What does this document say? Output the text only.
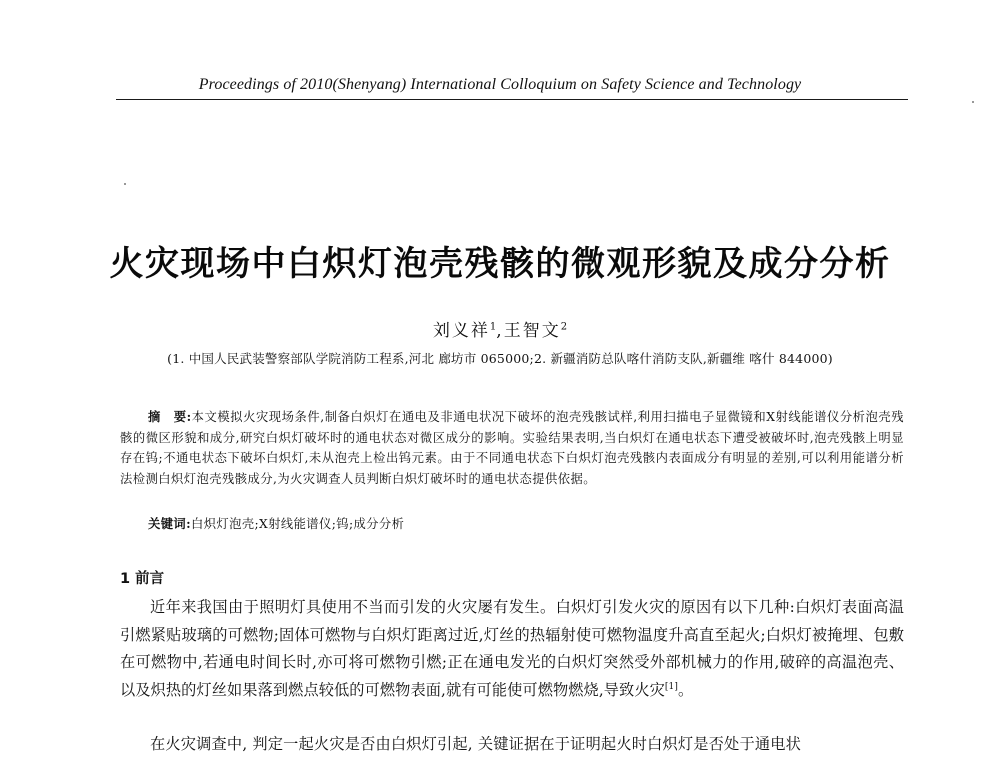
Proceedings of 2010(Shenyang) International Colloquium on Safety Science and Technology
火灾现场中白炽灯泡壳残骸的微观形貌及成分分析
刘义祥$^1$,王智文$^2$
(1. 中国人民武装警察部队学院消防工程系,河北 廊坊市 065000;2. 新疆消防总队喀什消防支队,新疆维 喀什 844000)

摘　要:本文模拟火灾现场条件,制备白炽灯在通电及非通电状况下破坏的泡壳残骸试样,利用扫描电子显微镜和X射线能谱仪分析泡壳残骸的微区形貌和成分,研究白炽灯破坏时的通电状态对微区成分的影响。实验结果表明,当白炽灯在通电状态下遭受被破坏时,泡壳残骸上明显存在钨;不通电状态下破坏白炽灯,未从泡壳上检出钨元素。由于不同通电状态下白炽灯泡壳残骸内表面成分有明显的差别,可以利用能谱分析法检测白炽灯泡壳残骸成分,为火灾调查人员判断白炽灯破坏时的通电状态提供依据。

关键词:白炽灯泡壳;X射线能谱仪;钨;成分分析
1 前言

近年来我国由于照明灯具使用不当而引发的火灾屡有发生。白炽灯引发火灾的原因有以下几种:白炽灯表面高温引燃紧贴玻璃的可燃物;固体可燃物与白炽灯距离过近,灯丝的热辐射使可燃物温度升高直至起火;白炽灯被掩埋、包敷在可燃物中,若通电时间长时,亦可将可燃物引燃;正在通电发光的白炽灯突然受外部机械力的作用,破碎的高温泡壳、以及炽热的灯丝如果落到燃点较低的可燃物表面,就有可能使可燃物燃烧,导致火灾[1]。

在火灾调查中, 判定一起火灾是否由白炽灯引起, 关键证据在于证明起火时白炽灯是否处于通电状
